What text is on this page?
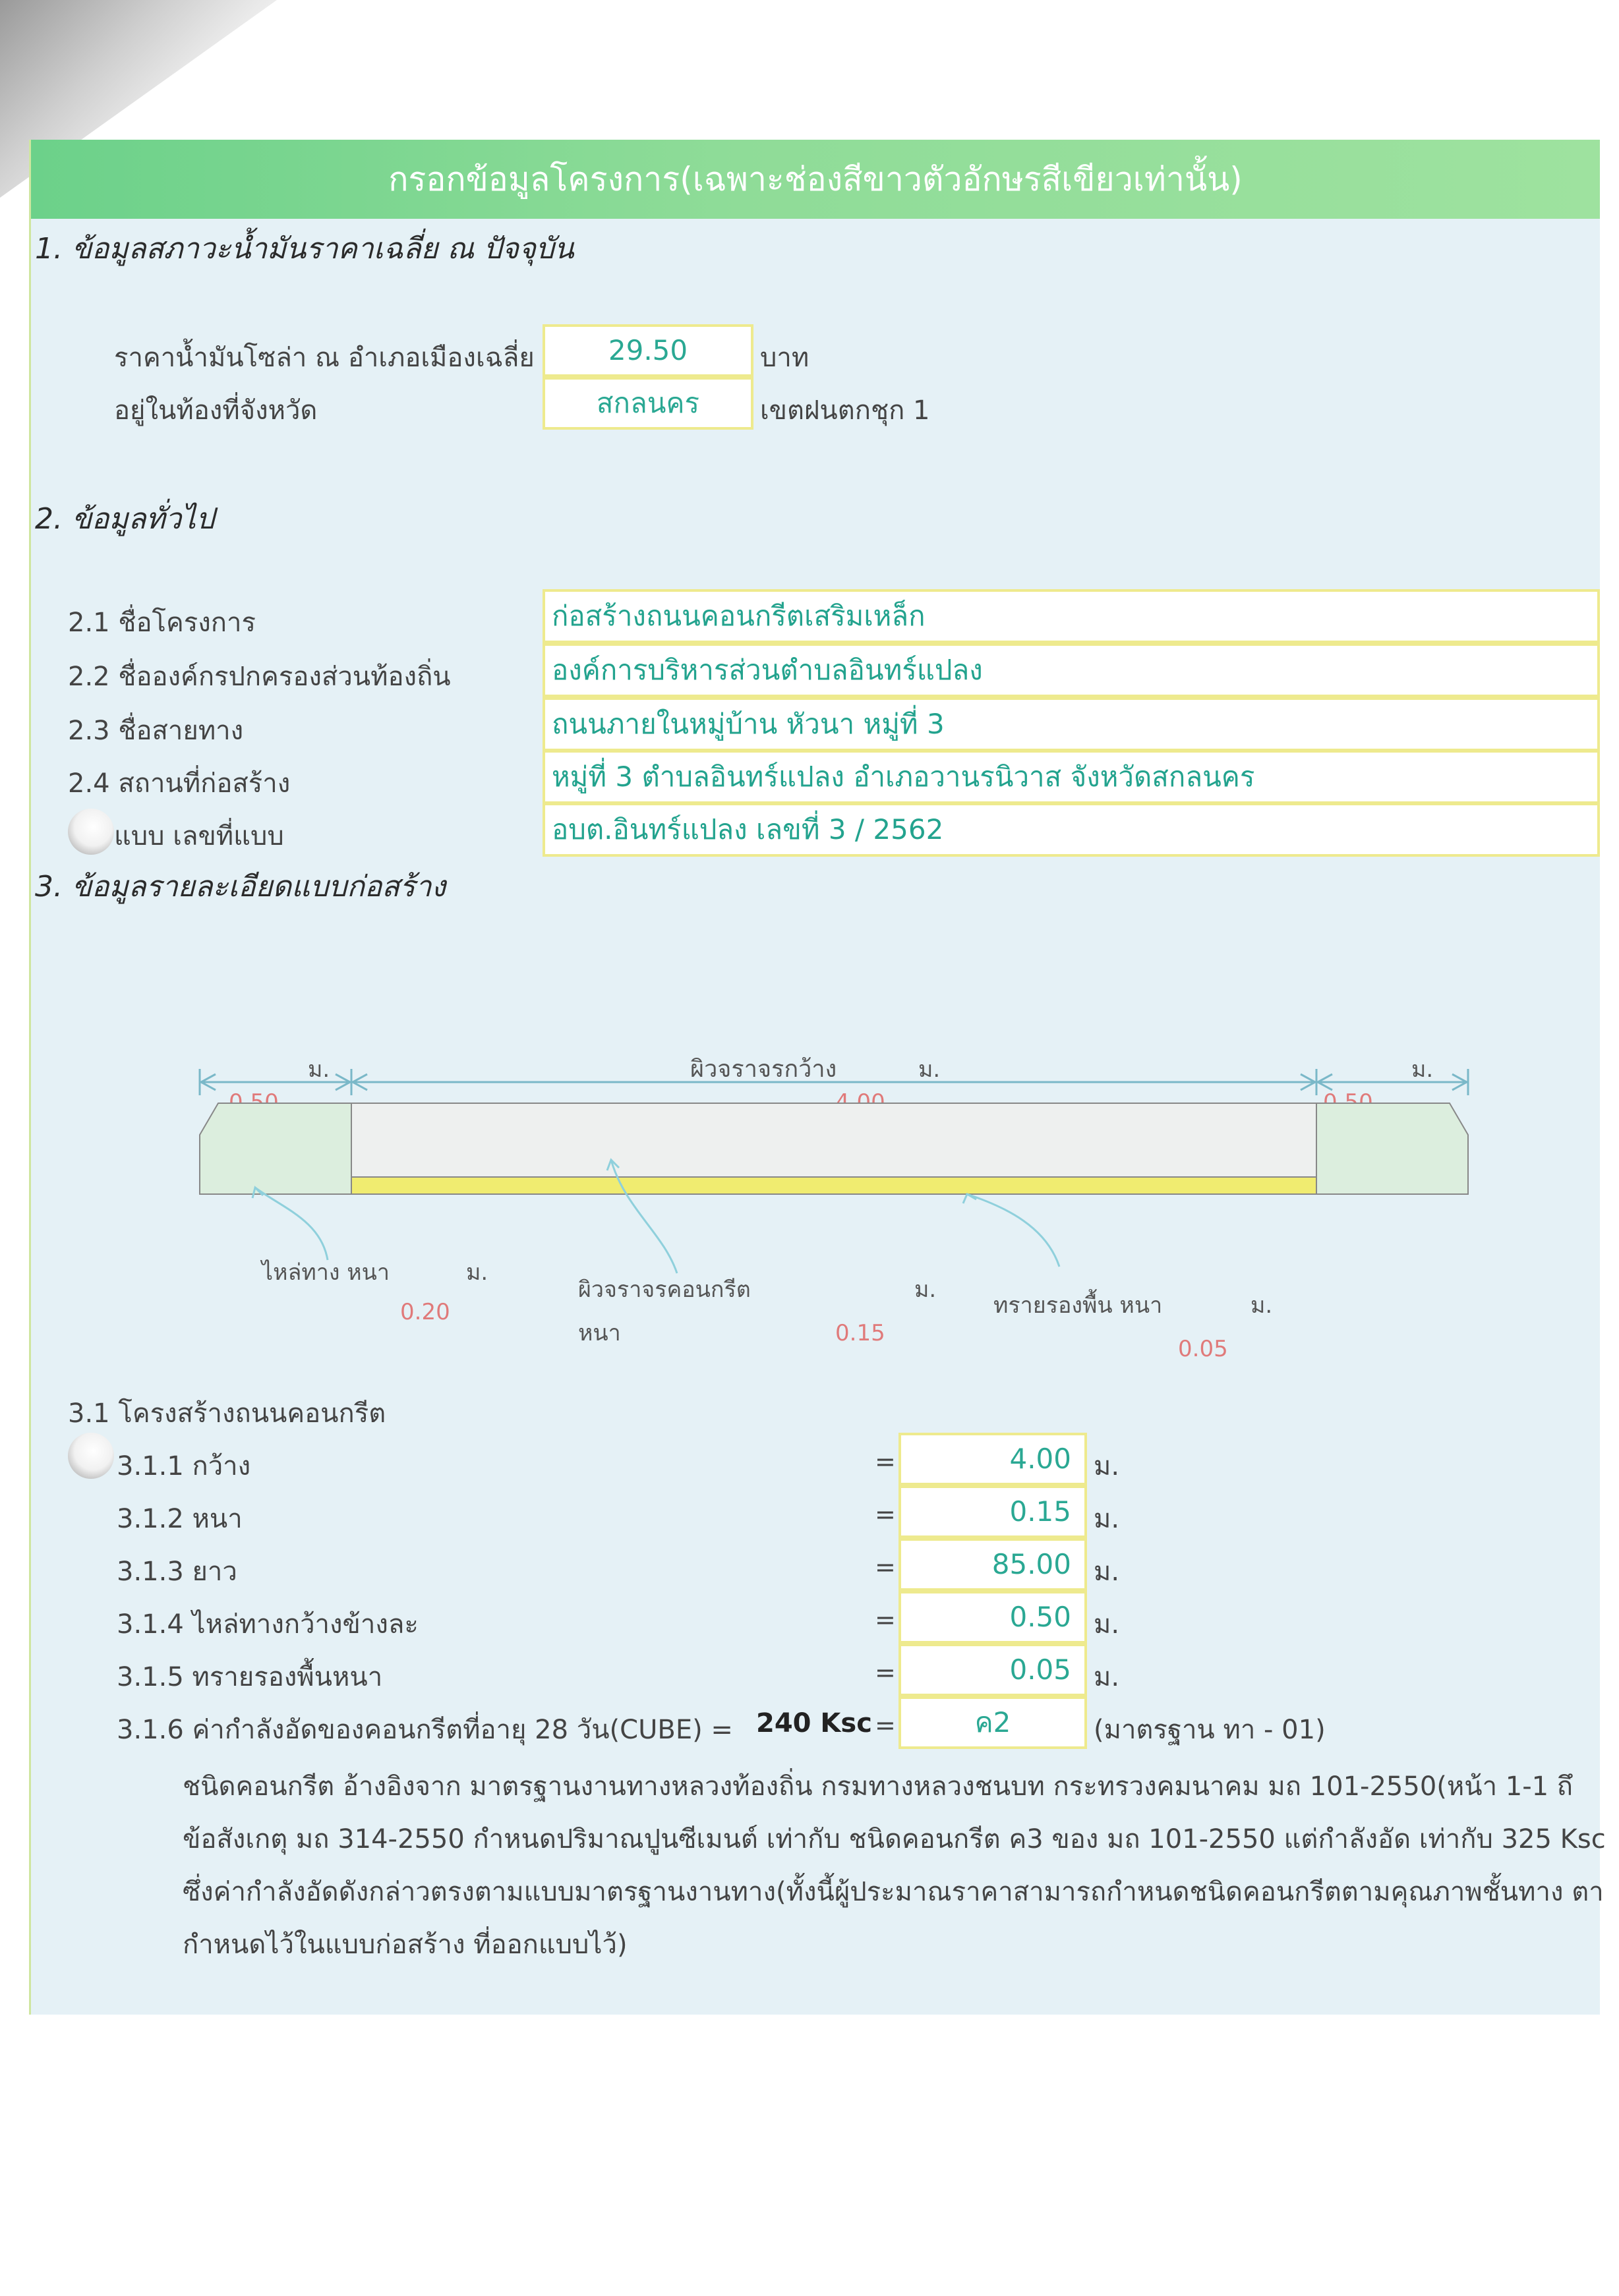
กรอกข้อมูลโครงการ(เฉพาะช่องสีขาวตัวอักษรสีเขียวเท่านั้น)
1. ข้อมูลสภาวะน้ำมันราคาเฉลี่ย ณ ปัจจุบัน
ราคาน้ำมันโซล่า ณ อำเภอเมืองเฉลี่ย	29.50	บาท
อยู่ในท้องที่จังหวัด	สกลนคร	เขตฝนตกชุก 1
2. ข้อมูลทั่วไป
2.1 ชื่อโครงการ	ก่อสร้างถนนคอนกรีตเสริมเหล็ก
2.2 ชื่อองค์กรปกครองส่วนท้องถิ่น	องค์การบริหารส่วนตำบลอินทร์แปลง
2.3 ชื่อสายทาง	ถนนภายในหมู่บ้าน หัวนา หมู่ที่ 3
2.4 สถานที่ก่อสร้าง	หมู่ที่ 3 ตำบลอินทร์แปลง อำเภอวานรนิวาส จังหวัดสกลนคร
แบบ เลขที่แบบ	อบต.อินทร์แปลง เลขที่ 3 / 2562
3. ข้อมูลรายละเอียดแบบก่อสร้าง
ม.	ผิวจราจรกว้าง	ม.	ม.
ไหล่ทาง หนา	ม.
0.20
ผิวจราจรคอนกรีต
หนา
ม.
0.15
ทรายรองพื้น หนา	ม.
0.05
3.1 โครงสร้างถนนคอนกรีต
3.1.1 กว้าง	=	4.00 ม.
3.1.2 หนา	=	0.15 ม.
3.1.3 ยาว	=	85.00 ม.
3.1.4 ไหล่ทางกว้างข้างละ	=	0.50 ม.
3.1.5 ทรายรองพื้นหนา	=	0.05 ม.
3.1.6 ค่ากำลังอัดของคอนกรีตที่อายุ 28 วัน(CUBE) = 240 Ksc =	ค2	(มาตรฐาน ทา - 01)
ชนิดคอนกรีต อ้างอิงจาก มาตรฐานงานทางหลวงท้องถิ่น กรมทางหลวงชนบท กระทรวงคมนาคม มถ 101-2550(หน้า 1-1 ถึ
ข้อสังเกตุ มถ 314-2550 กำหนดปริมาณปูนซีเมนต์ เท่ากับ ชนิดคอนกรีต ค3 ของ มถ 101-2550 แต่กำลังอัด เท่ากับ 325 Ksc
ซึ่งค่ากำลังอัดดังกล่าวตรงตามแบบมาตรฐานงานทาง(ทั้งนี้ผู้ประมาณราคาสามารถกำหนดชนิดคอนกรีตตามคุณภาพชั้นทาง ตา
กำหนดไว้ในแบบก่อสร้าง ที่ออกแบบไว้)
